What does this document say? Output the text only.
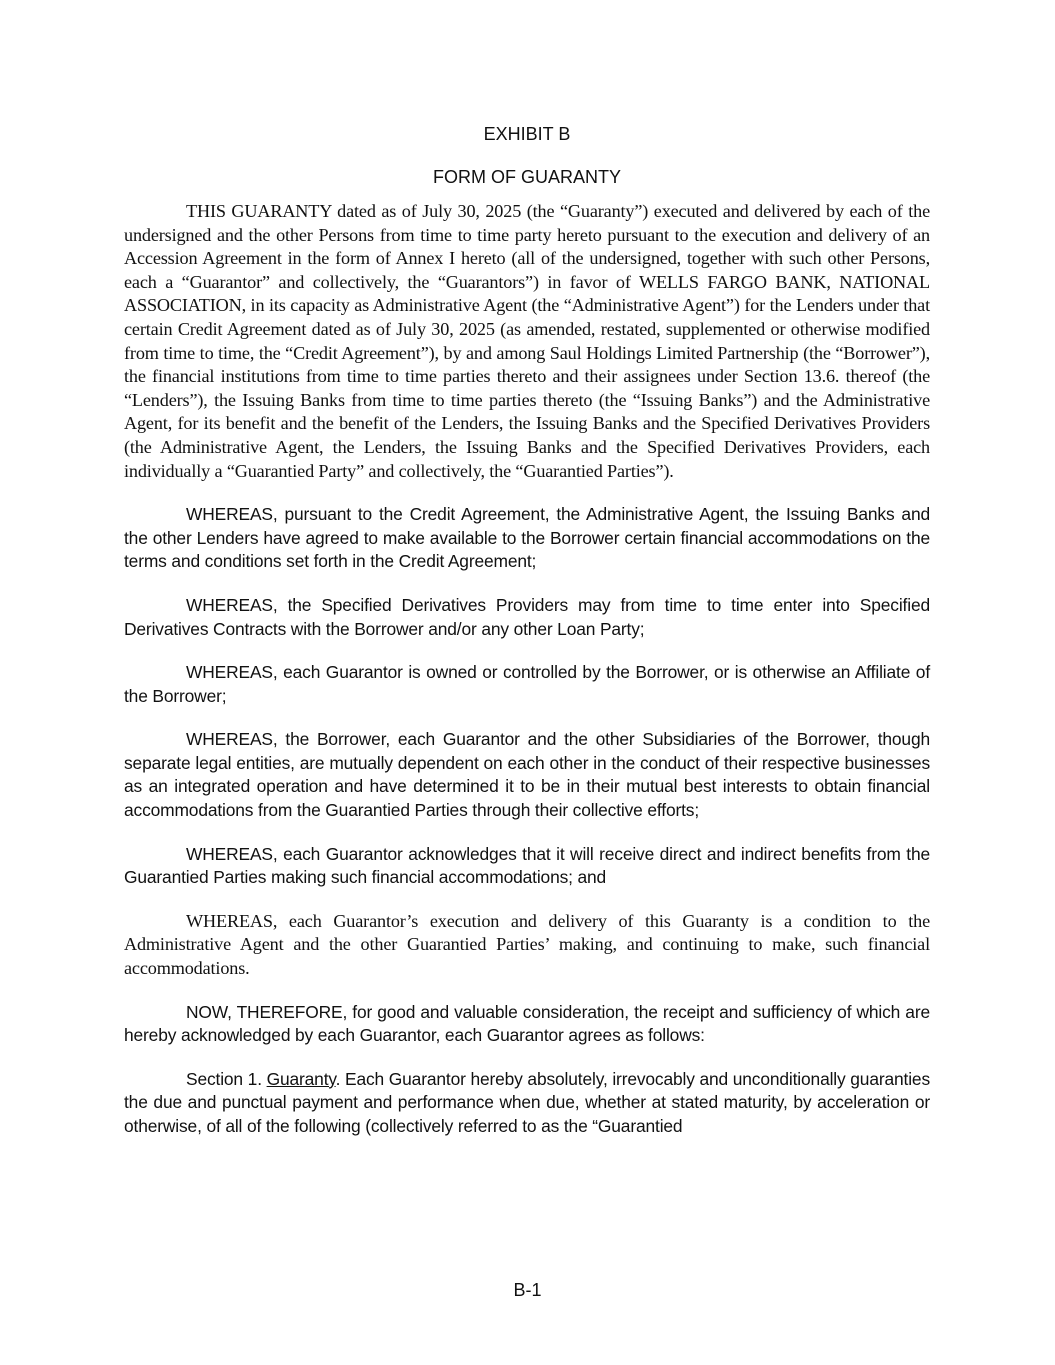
EXHIBIT B
FORM OF GUARANTY

THIS GUARANTY dated as of July 30, 2025 (the “Guaranty”) executed and delivered by each of the undersigned and the other Persons from time to time party hereto pursuant to the execution and delivery of an Accession Agreement in the form of Annex I hereto (all of the undersigned, together with such other Persons, each a “Guarantor” and collectively, the “Guarantors”) in favor of WELLS FARGO BANK, NATIONAL ASSOCIATION, in its capacity as Administrative Agent (the “Administrative Agent”) for the Lenders under that certain Credit Agreement dated as of July 30, 2025 (as amended, restated, supplemented or otherwise modified from time to time, the “Credit Agreement”), by and among Saul Holdings Limited Partnership (the “Borrower”), the financial institutions from time to time parties thereto and their assignees under Section 13.6. thereof (the “Lenders”), the Issuing Banks from time to time parties thereto (the “Issuing Banks”) and the Administrative Agent, for its benefit and the benefit of the Lenders, the Issuing Banks and the Specified Derivatives Providers (the Administrative Agent, the Lenders, the Issuing Banks and the Specified Derivatives Providers, each individually a “Guarantied Party” and collectively, the “Guarantied Parties”).

WHEREAS, pursuant to the Credit Agreement, the Administrative Agent, the Issuing Banks and the other Lenders have agreed to make available to the Borrower certain financial accommodations on the terms and conditions set forth in the Credit Agreement;

WHEREAS, the Specified Derivatives Providers may from time to time enter into Specified Derivatives Contracts with the Borrower and/or any other Loan Party;

WHEREAS, each Guarantor is owned or controlled by the Borrower, or is otherwise an Affiliate of the Borrower;

WHEREAS, the Borrower, each Guarantor and the other Subsidiaries of the Borrower, though separate legal entities, are mutually dependent on each other in the conduct of their respective businesses as an integrated operation and have determined it to be in their mutual best interests to obtain financial accommodations from the Guarantied Parties through their collective efforts;

WHEREAS, each Guarantor acknowledges that it will receive direct and indirect benefits from the Guarantied Parties making such financial accommodations; and

WHEREAS, each Guarantor’s execution and delivery of this Guaranty is a condition to the Administrative Agent and the other Guarantied Parties’ making, and continuing to make, such financial accommodations.

NOW, THEREFORE, for good and valuable consideration, the receipt and sufficiency of which are hereby acknowledged by each Guarantor, each Guarantor agrees as follows:

Section 1. Guaranty. Each Guarantor hereby absolutely, irrevocably and unconditionally guaranties the due and punctual payment and performance when due, whether at stated maturity, by acceleration or otherwise, of all of the following (collectively referred to as the “Guarantied

B-1
